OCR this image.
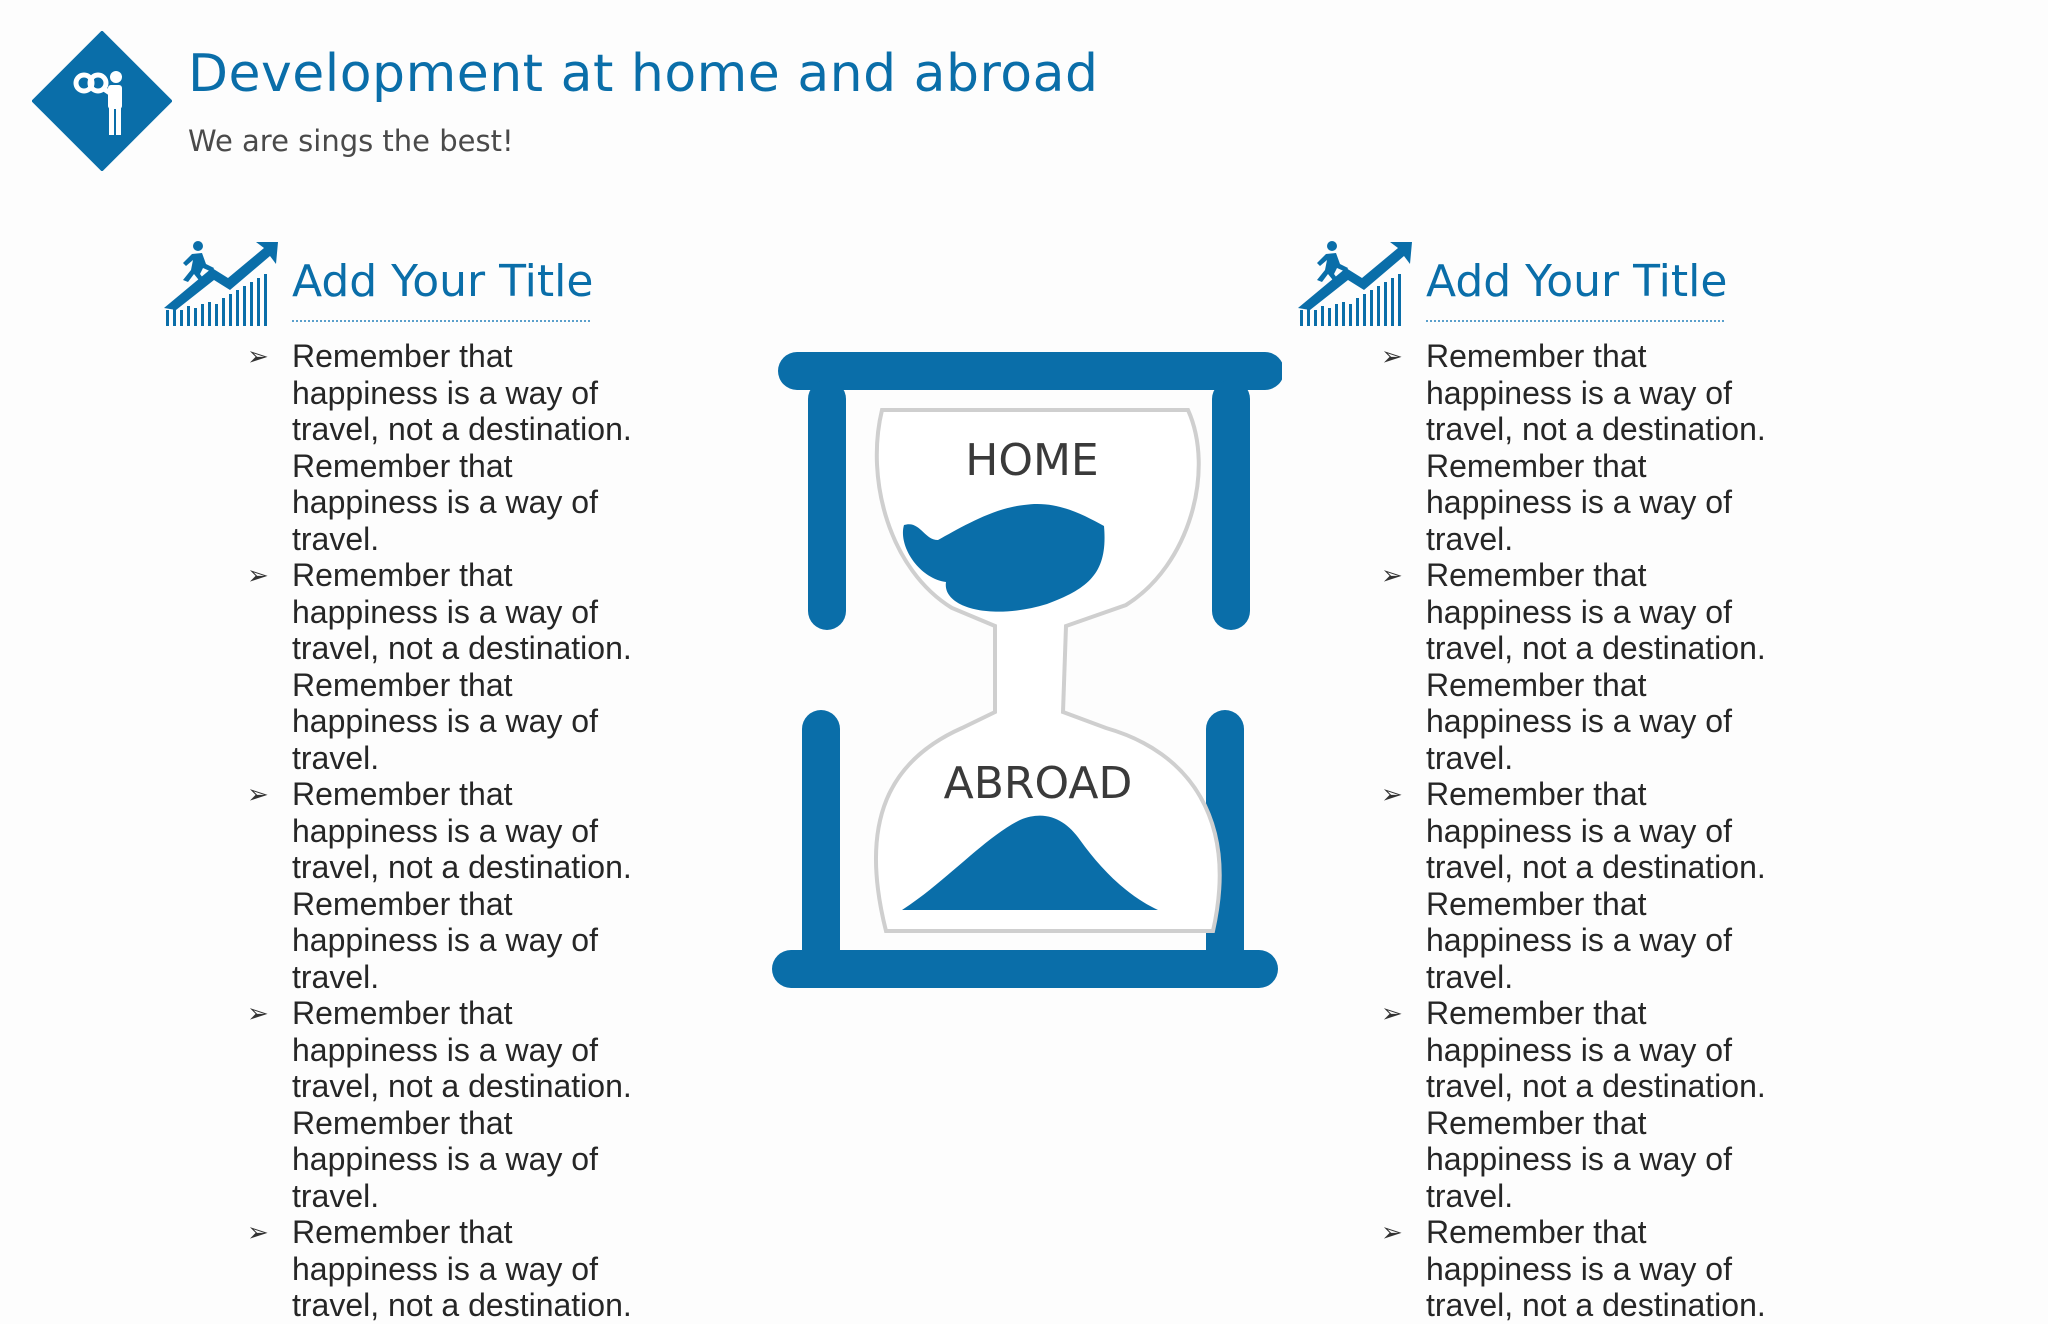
Development at home and abroad
We are sings the best!
Add Your Title
➢ Remember that happiness is a way of travel, not a destination. Remember that happiness is a way of travel.
➢ Remember that happiness is a way of travel, not a destination. Remember that happiness is a way of travel.
➢ Remember that happiness is a way of travel, not a destination. Remember that happiness is a way of travel.
➢ Remember that happiness is a way of travel, not a destination. Remember that happiness is a way of travel.
➢ Remember that happiness is a way of travel, not a destination.
Add Your Title
➢ Remember that happiness is a way of travel, not a destination. Remember that happiness is a way of travel.
➢ Remember that happiness is a way of travel, not a destination. Remember that happiness is a way of travel.
➢ Remember that happiness is a way of travel, not a destination. Remember that happiness is a way of travel.
➢ Remember that happiness is a way of travel, not a destination. Remember that happiness is a way of travel.
➢ Remember that happiness is a way of travel, not a destination.
HOME
ABROAD
